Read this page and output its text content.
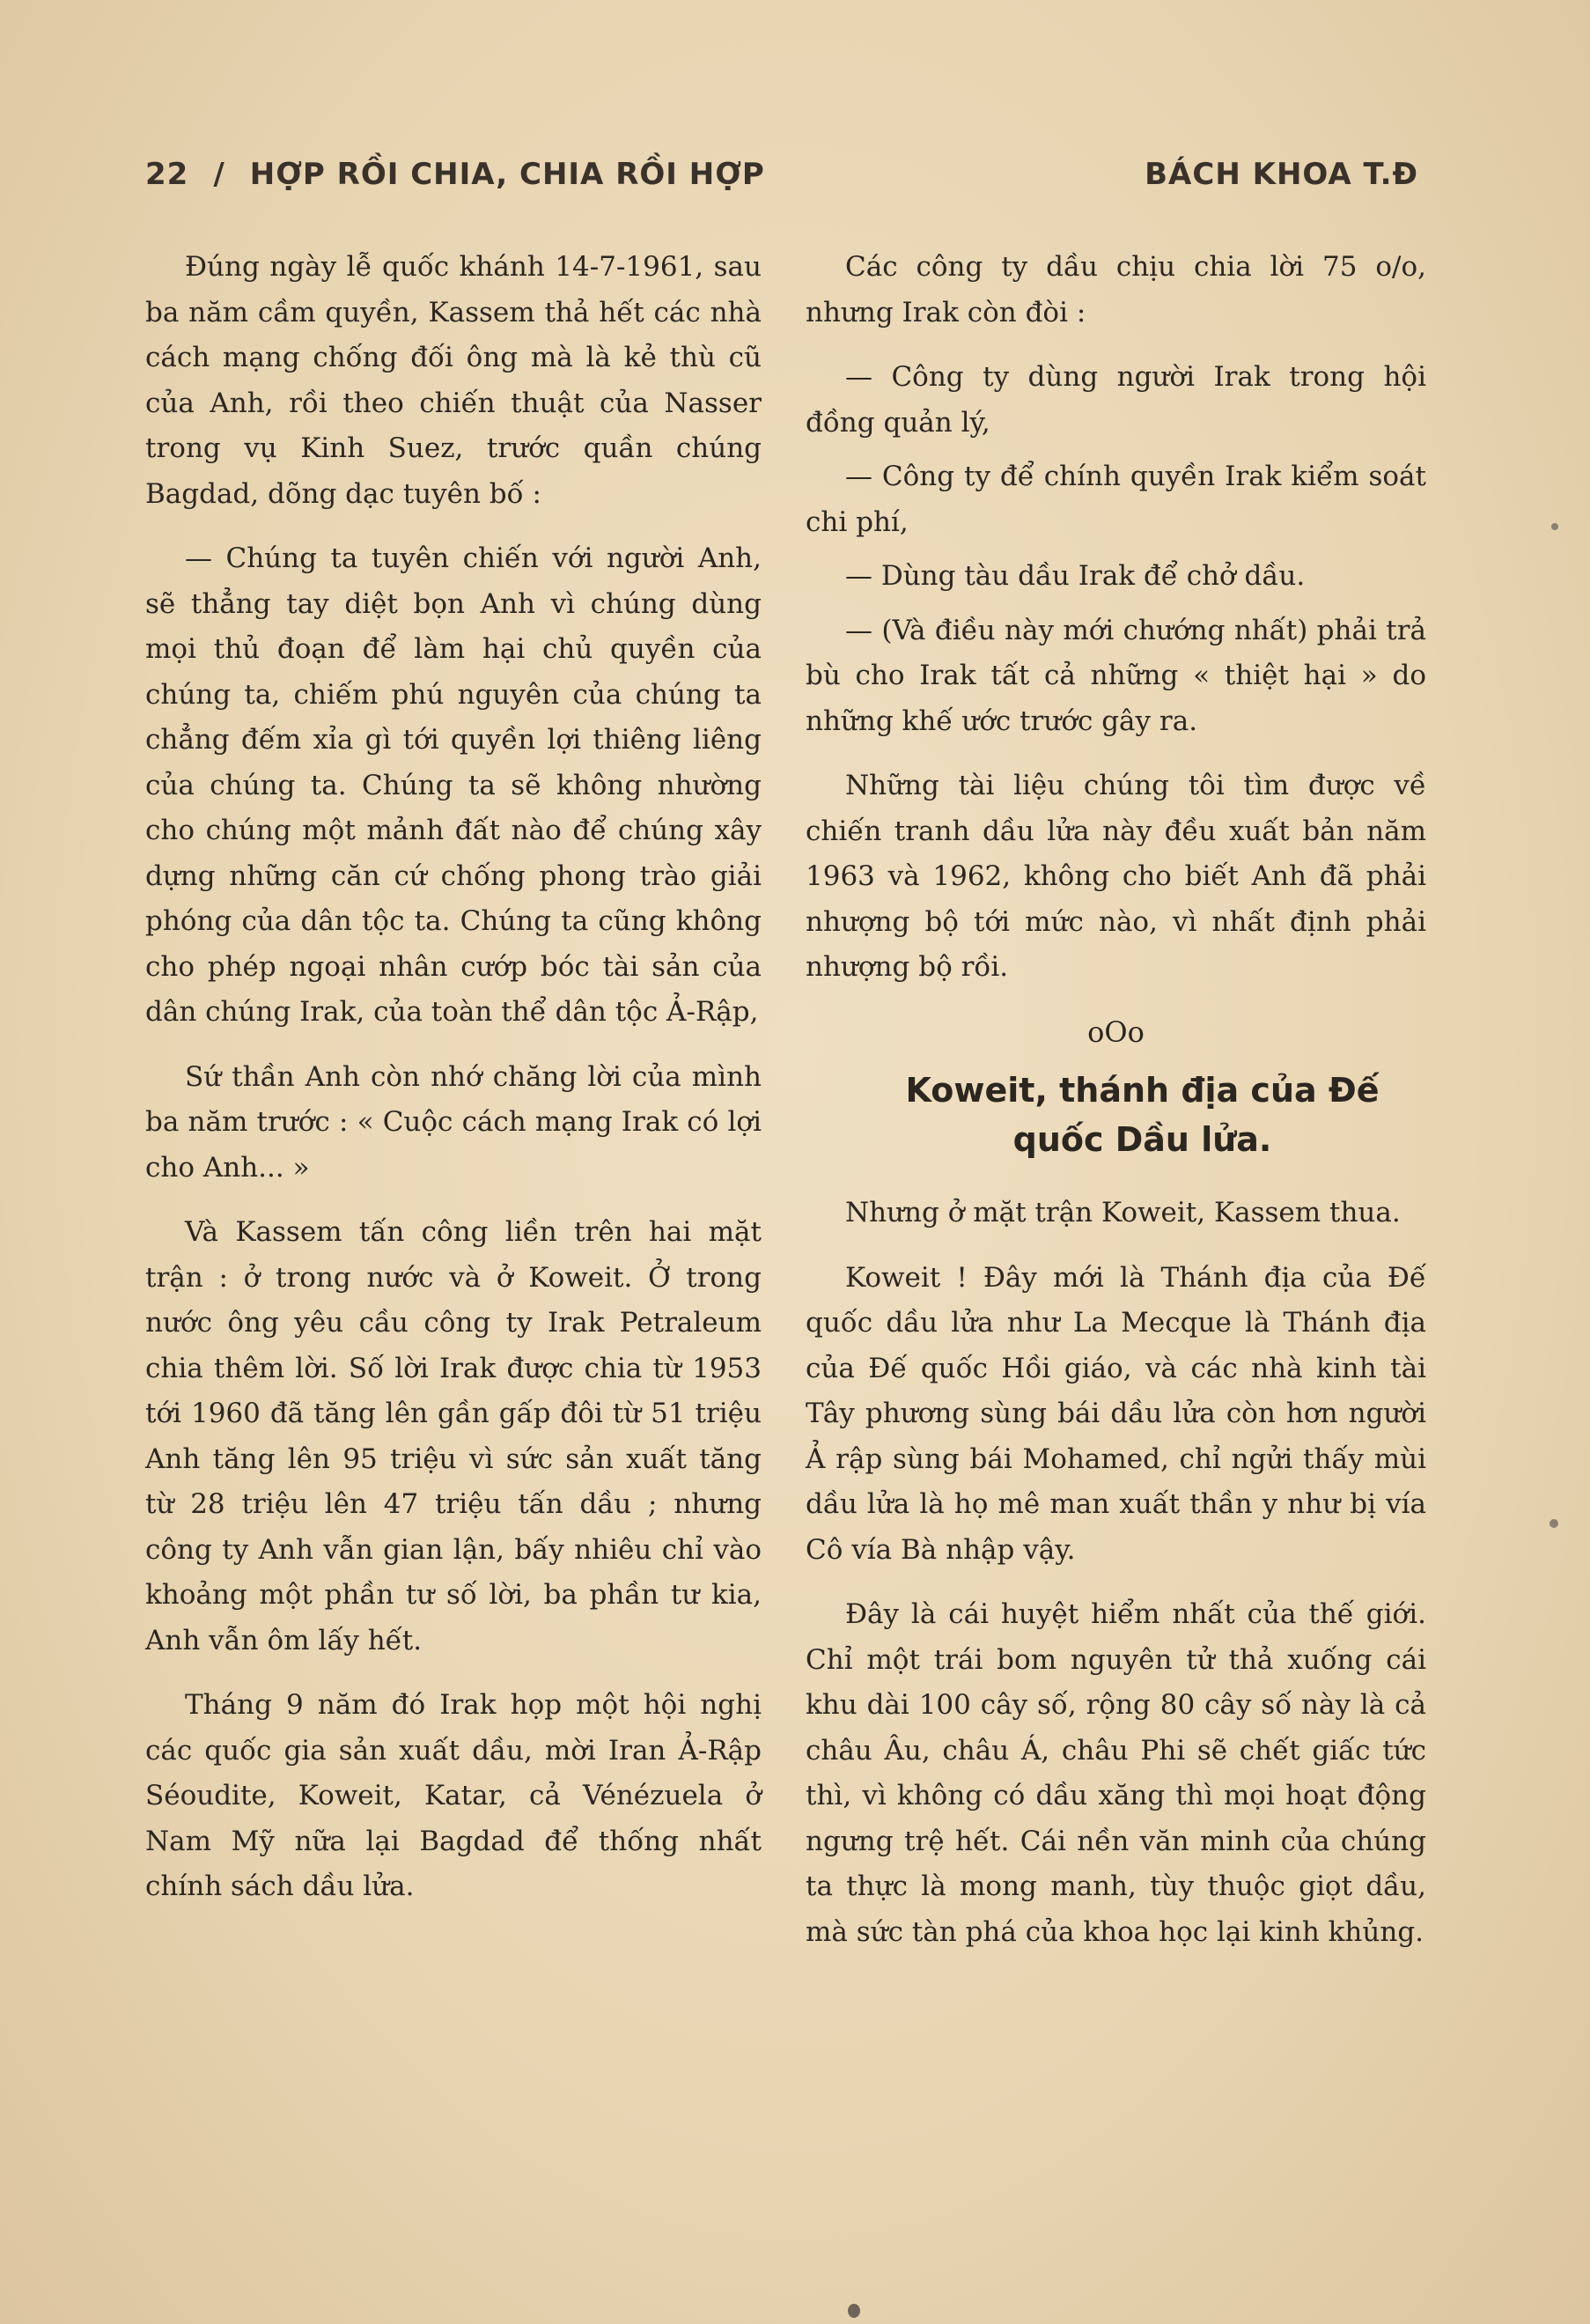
22 / HỢP RỒI CHIA, CHIA RỒI HỢP	BÁCH KHOA T.Đ

Đúng ngày lễ quốc khánh 14-7-1961, sau ba năm cầm quyền, Kassem thả hết các nhà cách mạng chống đối ông mà là kẻ thù cũ của Anh, rồi theo chiến thuật của Nasser trong vụ Kinh Suez, trước quần chúng Bagdad, dõng dạc tuyên bố :

— Chúng ta tuyên chiến với người Anh, sẽ thẳng tay diệt bọn Anh vì chúng dùng mọi thủ đoạn để làm hại chủ quyền của chúng ta, chiếm phú nguyên của chúng ta chẳng đếm xỉa gì tới quyền lợi thiêng liêng của chúng ta. Chúng ta sẽ không nhường cho chúng một mảnh đất nào để chúng xây dựng những căn cứ chống phong trào giải phóng của dân tộc ta. Chúng ta cũng không cho phép ngoại nhân cướp bóc tài sản của dân chúng Irak, của toàn thể dân tộc Ả-Rập,

Sứ thần Anh còn nhớ chăng lời của mình ba năm trước : « Cuộc cách mạng Irak có lợi cho Anh... »

Và Kassem tấn công liền trên hai mặt trận : ở trong nước và ở Koweit. Ở trong nước ông yêu cầu công ty Irak Petraleum chia thêm lời. Số lời Irak được chia từ 1953 tới 1960 đã tăng lên gần gấp đôi từ 51 triệu Anh tăng lên 95 triệu vì sức sản xuất tăng từ 28 triệu lên 47 triệu tấn dầu ; nhưng công ty Anh vẫn gian lận, bấy nhiêu chỉ vào khoảng một phần tư số lời, ba phần tư kia, Anh vẫn ôm lấy hết.

Tháng 9 năm đó Irak họp một hội nghị các quốc gia sản xuất dầu, mời Iran Ả-Rập Séoudite, Koweit, Katar, cả Vénézuela ở Nam Mỹ nữa lại Bagdad để thống nhất chính sách dầu lửa.

Các công ty dầu chịu chia lời 75 o/o, nhưng Irak còn đòi :

— Công ty dùng người Irak trong hội đồng quản lý,

— Công ty để chính quyền Irak kiểm soát chi phí,

— Dùng tàu dầu Irak để chở dầu.

— (Và điều này mới chướng nhất) phải trả bù cho Irak tất cả những « thiệt hại » do những khế ước trước gây ra.

Những tài liệu chúng tôi tìm được về chiến tranh dầu lửa này đều xuất bản năm 1963 và 1962, không cho biết Anh đã phải nhượng bộ tới mức nào, vì nhất định phải nhượng bộ rồi.

oOo

Koweit, thánh địa của Đế
quốc Dầu lửa.

Nhưng ở mặt trận Koweit, Kassem thua.

Koweit ! Đây mới là Thánh địa của Đế quốc dầu lửa như La Mecque là Thánh địa của Đế quốc Hồi giáo, và các nhà kinh tài Tây phương sùng bái dầu lửa còn hơn người Ả rập sùng bái Mohamed, chỉ ngửi thấy mùi dầu lửa là họ mê man xuất thần y như bị vía Cô vía Bà nhập vậy.

Đây là cái huyệt hiểm nhất của thế giới. Chỉ một trái bom nguyên tử thả xuống cái khu dài 100 cây số, rộng 80 cây số này là cả châu Âu, châu Á, châu Phi sẽ chết giấc tức thì, vì không có dầu xăng thì mọi hoạt động ngưng trệ hết. Cái nền văn minh của chúng ta thực là mong manh, tùy thuộc giọt dầu, mà sức tàn phá của khoa học lại kinh khủng.
